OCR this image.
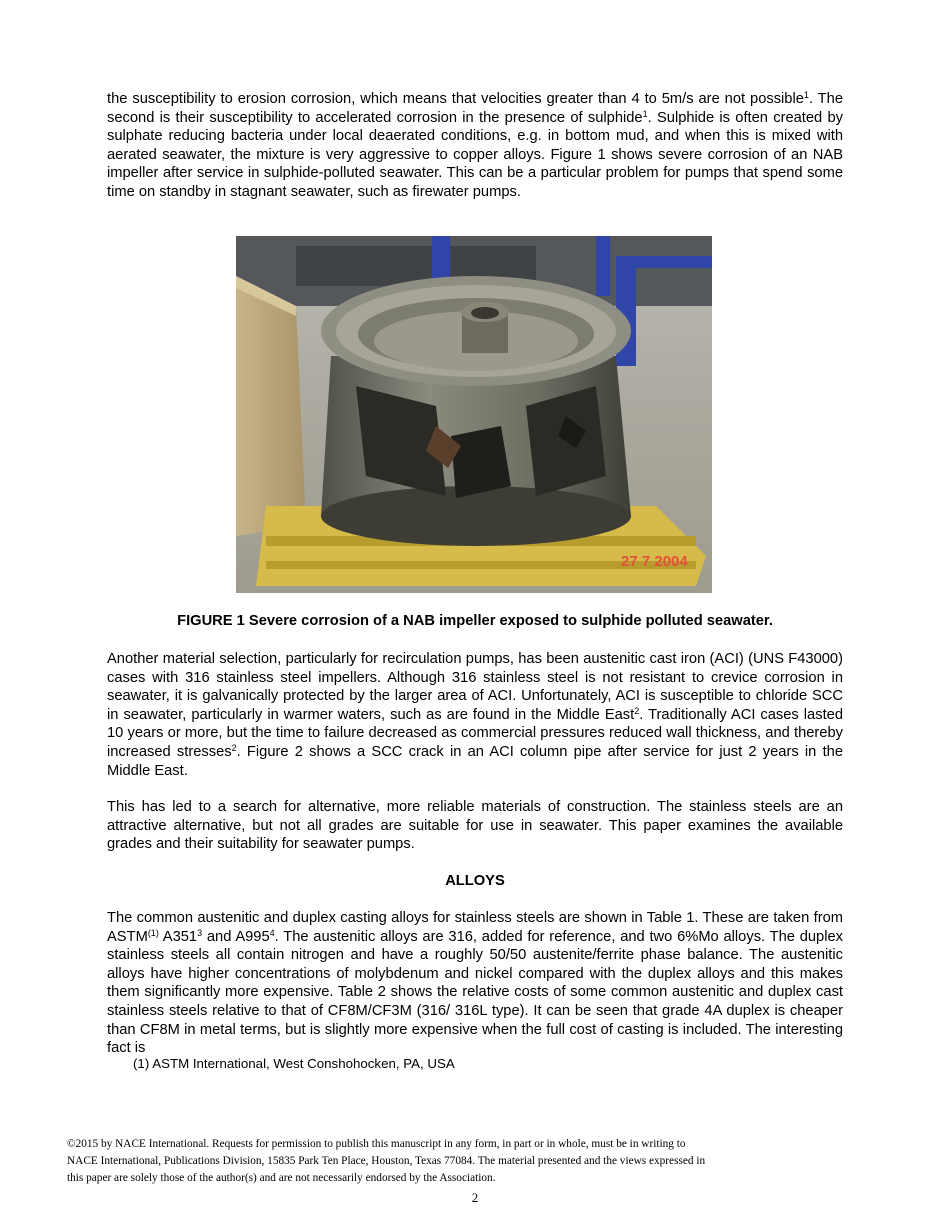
the susceptibility to erosion corrosion, which means that velocities greater than 4 to 5m/s are not possible$^1$. The second is their susceptibility to accelerated corrosion in the presence of sulphide$^1$. Sulphide is often created by sulphate reducing bacteria under local deaerated conditions, e.g. in bottom mud, and when this is mixed with aerated seawater, the mixture is very aggressive to copper alloys. Figure 1 shows severe corrosion of an NAB impeller after service in sulphide-polluted seawater. This can be a particular problem for pumps that spend some time on standby in stagnant seawater, such as firewater pumps.

27 7 2004
FIGURE 1 Severe corrosion of a NAB impeller exposed to sulphide polluted seawater.

Another material selection, particularly for recirculation pumps, has been austenitic cast iron (ACI) (UNS F43000) cases with 316 stainless steel impellers. Although 316 stainless steel is not resistant to crevice corrosion in seawater, it is galvanically protected by the larger area of ACI. Unfortunately, ACI is susceptible to chloride SCC in seawater, particularly in warmer waters, such as are found in the Middle East$^2$. Traditionally ACI cases lasted 10 years or more, but the time to failure decreased as commercial pressures reduced wall thickness, and thereby increased stresses$^2$. Figure 2 shows a SCC crack in an ACI column pipe after service for just 2 years in the Middle East.

This has led to a search for alternative, more reliable materials of construction. The stainless steels are an attractive alternative, but not all grades are suitable for use in seawater. This paper examines the available grades and their suitability for seawater pumps.

ALLOYS

The common austenitic and duplex casting alloys for stainless steels are shown in Table 1. These are taken from ASTM$^{(1)}$ $A351^3$ and $A995^4$. The austenitic alloys are 316, added for reference, and two 6%Mo alloys. The duplex stainless steels all contain nitrogen and have a roughly 50/50 austenite/ferrite phase balance. The austenitic alloys have higher concentrations of molybdenum and nickel compared with the duplex alloys and this makes them significantly more expensive. Table 2 shows the relative costs of some common austenitic and duplex cast stainless steels relative to that of CF8M/CF3M (316/ 316L type). It can be seen that grade 4A duplex is cheaper than CF8M in metal terms, but is slightly more expensive when the full cost of casting is included. The interesting fact is

(1) ASTM International, West Conshohocken, PA, USA
©2015 by NACE International. Requests for permission to publish this manuscript in any form, in part or in whole, must be in writing to
NACE International, Publications Division, 15835 Park Ten Place, Houston, Texas 77084. The material presented and the views expressed in
this paper are solely those of the author(s) and are not necessarily endorsed by the Association.
2
